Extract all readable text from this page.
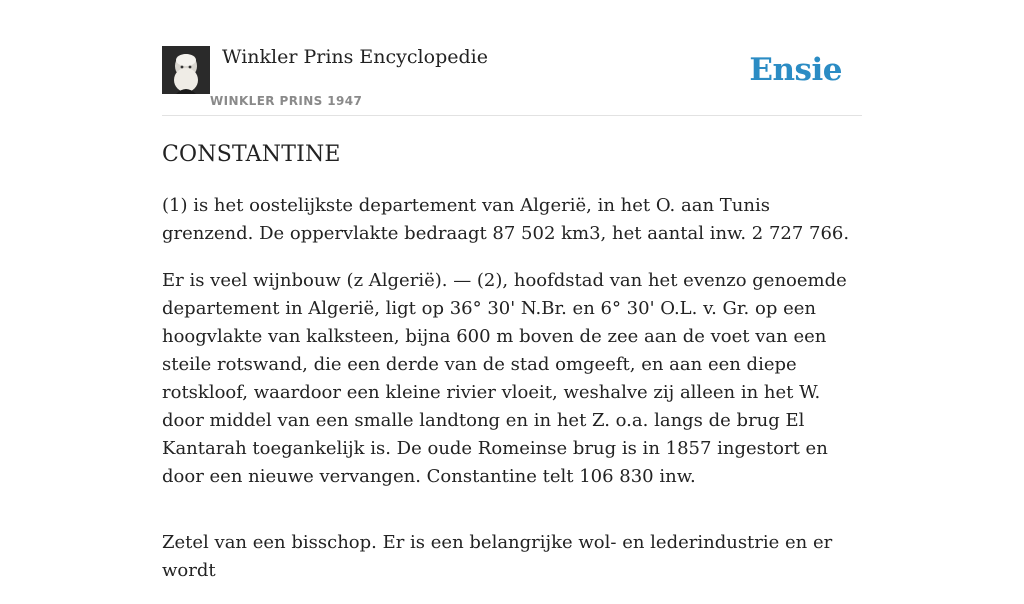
Winkler Prins Encyclopedie
WINKLER PRINS 1947
Ensie
CONSTANTINE

(1) is het oostelijkste departement van Algerië, in het O. aan Tunis grenzend. De oppervlakte bedraagt 87 502 km3, het aantal inw. 2 727 766.

Er is veel wijnbouw (z Algerië). — (2), hoofdstad van het evenzo genoemde departement in Algerië, ligt op 36° 30' N.Br. en 6° 30' O.L. v. Gr. op een hoogvlakte van kalksteen, bijna 600 m boven de zee aan de voet van een steile rotswand, die een derde van de stad omgeeft, en aan een diepe rotskloof, waardoor een kleine rivier vloeit, weshalve zij alleen in het W. door middel van een smalle landtong en in het Z. o.a. langs de brug El Kantarah toegankelijk is. De oude Romeinse brug is in 1857 ingestort en door een nieuwe vervangen. Constantine telt 106 830 inw.

Zetel van een bisschop. Er is een belangrijke wol- en lederindustrie en er wordt
